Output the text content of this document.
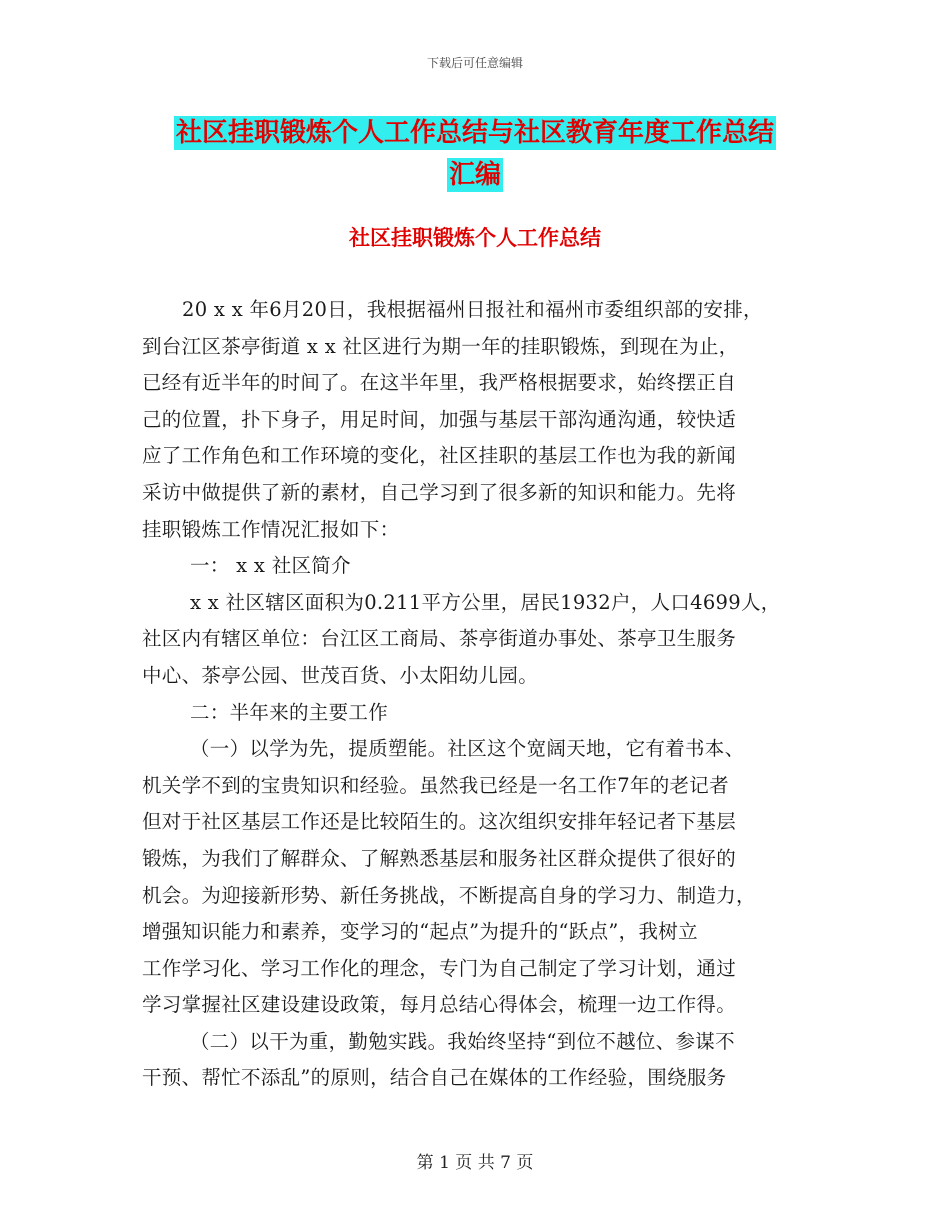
下载后可任意编辑
社区挂职锻炼个人工作总结与社区教育年度工作总结
汇编
社区挂职锻炼个人工作总结
20 x x 年6月20日，我根据福州日报社和福州市委组织部的安排，
到台江区茶亭街道 x x 社区进行为期一年的挂职锻炼，到现在为止，
已经有近半年的时间了。在这半年里，我严格根据要求，始终摆正自
己的位置，扑下身子，用足时间，加强与基层干部沟通沟通，较快适
应了工作角色和工作环境的变化，社区挂职的基层工作也为我的新闻
采访中做提供了新的素材，自己学习到了很多新的知识和能力。先将
挂职锻炼工作情况汇报如下：
一： x x 社区简介
x x 社区辖区面积为0.211平方公里，居民1932户，人口4699人，
社区内有辖区单位：台江区工商局、茶亭街道办事处、茶亭卫生服务
中心、茶亭公园、世茂百货、小太阳幼儿园。
二：半年来的主要工作
（一）以学为先，提质塑能。社区这个宽阔天地，它有着书本、
机关学不到的宝贵知识和经验。虽然我已经是一名工作7年的老记者
但对于社区基层工作还是比较陌生的。这次组织安排年轻记者下基层
锻炼，为我们了解群众、了解熟悉基层和服务社区群众提供了很好的
机会。为迎接新形势、新任务挑战，不断提高自身的学习力、制造力，
增强知识能力和素养，变学习的“起点”为提升的“跃点”，我树立
工作学习化、学习工作化的理念，专门为自己制定了学习计划，通过
学习掌握社区建设建设政策，每月总结心得体会，梳理一边工作得。
（二）以干为重，勤勉实践。我始终坚持“到位不越位、参谋不
干预、帮忙不添乱”的原则，结合自己在媒体的工作经验，围绕服务
第 1 页 共 7 页
